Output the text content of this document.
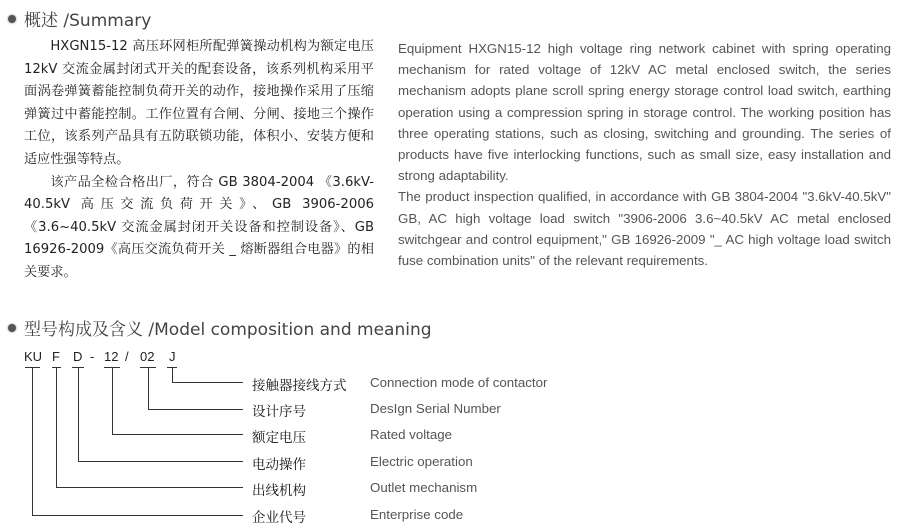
概述 /Summary

HXGN15-12 高压环网柜所配弹簧操动机构为额定电压 12kV 交流金属封闭式开关的配套设备，该系列机构采用平面涡卷弹簧蓄能控制负荷开关的动作，接地操作采用了压缩弹簧过中蓄能控制。工作位置有合闸、分闸、接地三个操作工位，该系列产品具有五防联锁功能，体积小、安装方便和适应性强等特点。

该产品全检合格出厂，符合 GB 3804-2004 《3.6kV-40.5kV 高压交流负荷开关》、GB 3906-2006《3.6~40.5kV 交流金属封闭开关设备和控制设备》、GB 16926-2009《高压交流负荷开关 _ 熔断器组合电器》的相关要求。

Equipment HXGN15-12 high voltage ring network cabinet with spring operating mechanism for rated voltage of 12kV AC metal enclosed switch, the series mechanism adopts plane scroll spring energy storage control load switch, earthing operation using a compression spring in storage control. The working position has three operating stations, such as closing, switching and grounding. The series of products have five interlocking functions, such as small size, easy installation and strong adaptability.

The product inspection qualified, in accordance with GB 3804-2004 "3.6kV-40.5kV" GB, AC high voltage load switch "3906-2006 3.6~40.5kV AC metal enclosed switchgear and control equipment," GB 16926-2009 "_ AC high voltage load switch fuse combination units" of the relevant requirements.

型号构成及含义 /Model composition and meaning
KU F D - 12 / 02 J
接触器接线方式 Connection mode of contactor
设计序号	DesIgn Serial Number
额定电压	Rated voltage
电动操作	Electric operation
出线机构	Outlet mechanism
企业代号	Enterprise code
